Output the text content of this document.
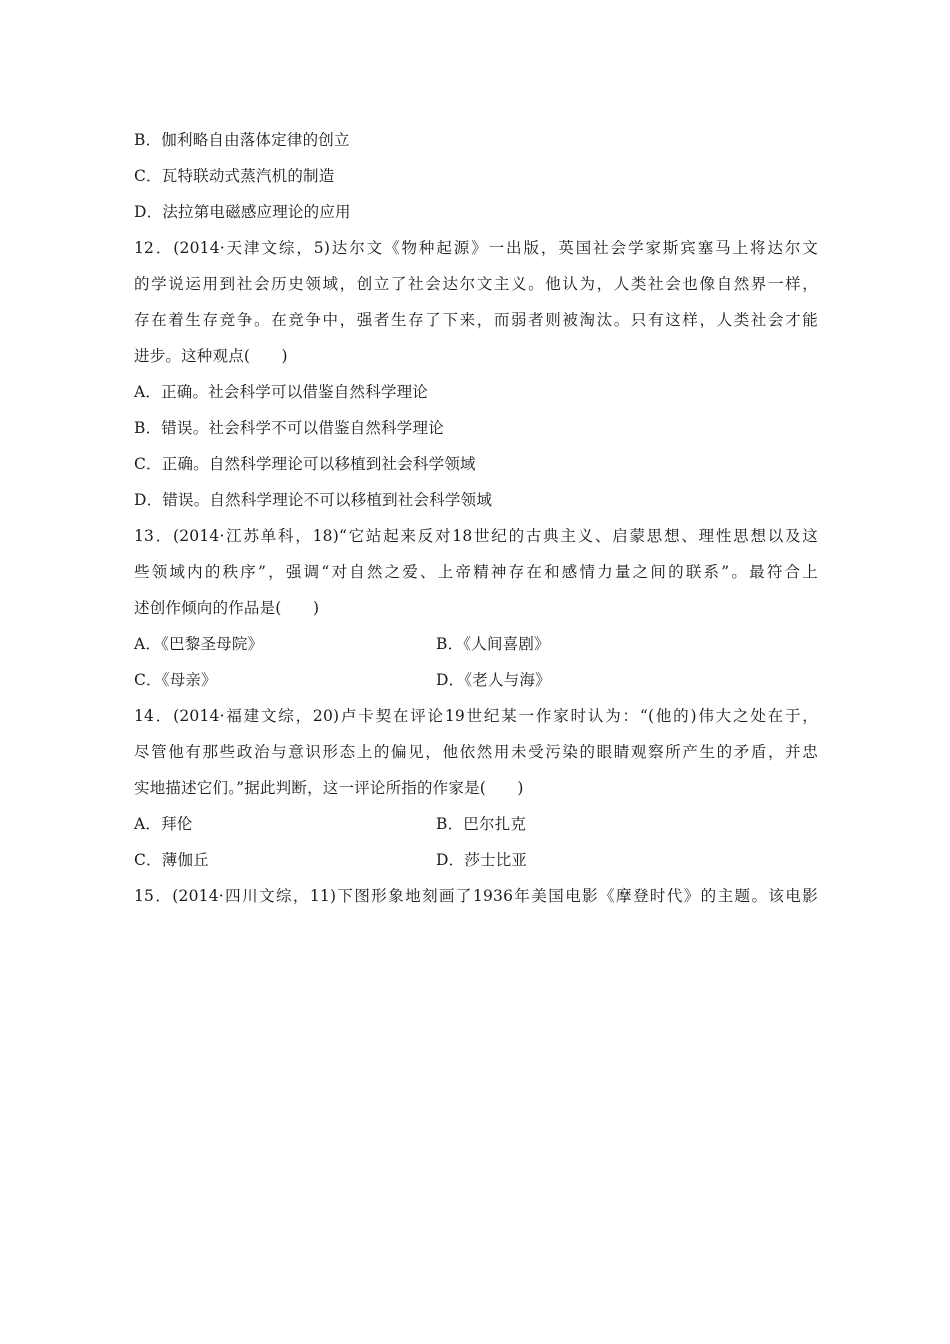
B．伽利略自由落体定律的创立
C．瓦特联动式蒸汽机的制造
D．法拉第电磁感应理论的应用
12．(2014·天津文综，5)达尔文《物种起源》一出版，英国社会学家斯宾塞马上将达尔文
的学说运用到社会历史领域，创立了社会达尔文主义。他认为，人类社会也像自然界一样，
存在着生存竞争。在竞争中，强者生存了下来，而弱者则被淘汰。只有这样，人类社会才能
进步。这种观点(　　)
A．正确。社会科学可以借鉴自然科学理论
B．错误。社会科学不可以借鉴自然科学理论
C．正确。自然科学理论可以移植到社会科学领域
D．错误。自然科学理论不可以移植到社会科学领域
13．(2014·江苏单科，18)“它站起来反对18世纪的古典主义、启蒙思想、理性思想以及这
些领域内的秩序”，强调“对自然之爱、上帝精神存在和感情力量之间的联系”。最符合上
述创作倾向的作品是(　　)
A．《巴黎圣母院》	B．《人间喜剧》
C．《母亲》	D．《老人与海》
14．(2014·福建文综，20)卢卡契在评论19世纪某一作家时认为：“(他的)伟大之处在于，
尽管他有那些政治与意识形态上的偏见，他依然用未受污染的眼睛观察所产生的矛盾，并忠
实地描述它们。”据此判断，这一评论所指的作家是(　　)
A．拜伦	B．巴尔扎克
C．薄伽丘	D．莎士比亚
15．(2014·四川文综，11)下图形象地刻画了1936年美国电影《摩登时代》的主题。该电影
